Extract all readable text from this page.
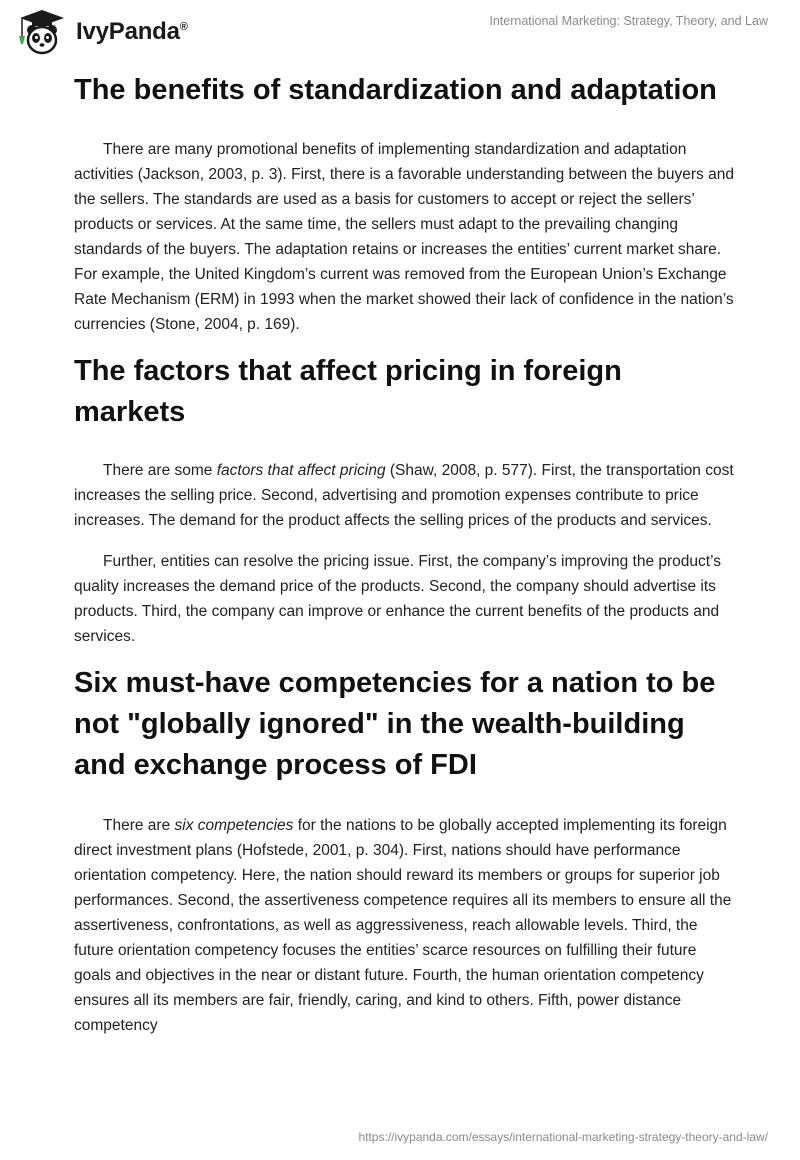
IvyPanda®	International Marketing: Strategy, Theory, and Law
The benefits of standardization and adaptation

There are many promotional benefits of implementing standardization and adaptation activities (Jackson, 2003, p. 3). First, there is a favorable understanding between the buyers and the sellers. The standards are used as a basis for customers to accept or reject the sellers’ products or services. At the same time, the sellers must adapt to the prevailing changing standards of the buyers. The adaptation retains or increases the entities’ current market share. For example, the United Kingdom’s current was removed from the European Union’s Exchange Rate Mechanism (ERM) in 1993 when the market showed their lack of confidence in the nation’s currencies (Stone, 2004, p. 169).

The factors that affect pricing in foreign markets

There are some factors that affect pricing (Shaw, 2008, p. 577). First, the transportation cost increases the selling price. Second, advertising and promotion expenses contribute to price increases. The demand for the product affects the selling prices of the products and services.

Further, entities can resolve the pricing issue. First, the company’s improving the product’s quality increases the demand price of the products. Second, the company should advertise its products. Third, the company can improve or enhance the current benefits of the products and services.

Six must-have competencies for a nation to be not "globally ignored" in the wealth-building and exchange process of FDI

There are six competencies for the nations to be globally accepted implementing its foreign direct investment plans (Hofstede, 2001, p. 304). First, nations should have performance orientation competency. Here, the nation should reward its members or groups for superior job performances. Second, the assertiveness competence requires all its members to ensure all the assertiveness, confrontations, as well as aggressiveness, reach allowable levels. Third, the future orientation competency focuses the entities’ scarce resources on fulfilling their future goals and objectives in the near or distant future. Fourth, the human orientation competency ensures all its members are fair, friendly, caring, and kind to others. Fifth, power distance competency

https://ivypanda.com/essays/international-marketing-strategy-theory-and-law/
